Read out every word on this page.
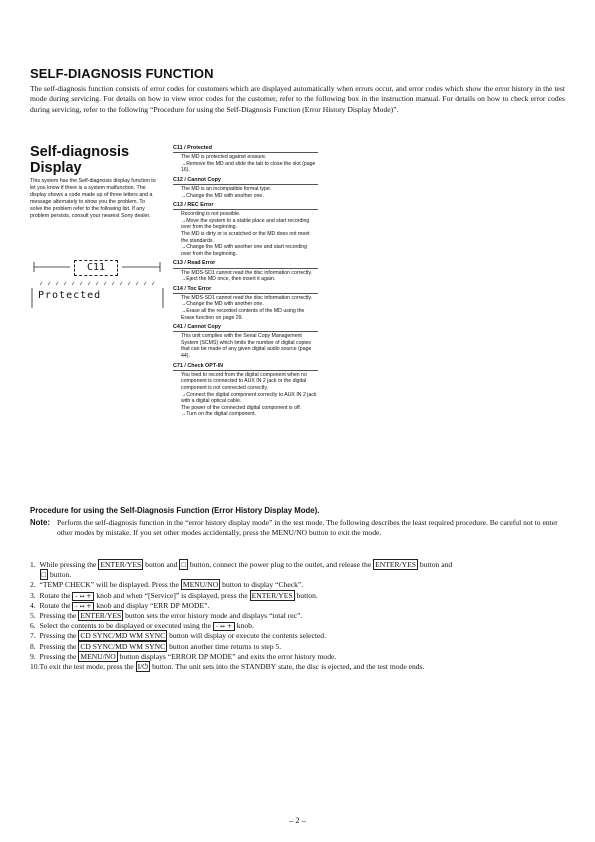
SELF-DIAGNOSIS FUNCTION
The self-diagnosis function consists of error codes for customers which are displayed automatically when errors occur, and error codes which show the error history in the test mode during servicing. For details on how to view error codes for the customer, refer to the following box in the instruction manual. For details on how to check error codes during servicing, refer to the following “Procedure for using the Self-Diagnosis Function (Error History Display Mode)”.
Self-diagnosis Display
This system has the Self-diagnosis display function to let you know if there is a system malfunction. The display shows a code made up of three letters and a message alternately to show you the problem. To solve the problem refer to the following list. If any problem persists, consult your nearest Sony dealer.
C11
Protected
C11 / Protected
The MD is protected against erasure.
→Remove the MD and slide the tab to close the slot (page 16).
C12 / Cannot Copy
The MD is an incompatible format type.
→Change the MD with another one.
C13 / REC Error
Recording is not possible.
→Move the system to a stable place and start recording over from the beginning.
The MD is dirty or is scratched or the MD does not meet the standards.
→Change the MD with another one and start recording over from the beginning.
C13 / Read Error
The MDS-SD1 cannot read the disc information correctly.
→Eject the MD once, then insert it again.
C14 / Toc Error
The MDS-SD1 cannot read the disc information correctly.
→Change the MD with another one.
→Erase all the recorded contents of the MD using the Erase function on page 29.
C41 / Cannot Copy
This unit complies with the Serial Copy Management System (SCMS) which limits the number of digital copies that can be made of any given digital audio source (page 44).
C71 / Check OPT-IN
You tried to record from the digital component when no component is connected to AUX IN 2 jack or the digital component is not connected correctly.
→Connect the digital component correctly to AUX IN 2 jack with a digital optical cable.
The power of the connected digital component is off.
→Turn on the digital component.
Procedure for using the Self-Diagnosis Function (Error History Display Mode).
Note: Perform the self-diagnosis function in the “error history display mode” in the test mode. The following describes the least required procedure. Be careful not to enter other modes by mistake. If you set other modes accidentally, press the MENU/NO button to exit the mode.
1.  While pressing the ENTER/YES button and □ button, connect the power plug to the outlet, and release the ENTER/YES button and
□ button.
2.  “TEMP CHECK” will be displayed. Press the MENU/NO button to display “Check”.
3.  Rotate the - ↔ + knob and when “[Service]” is displayed, press the ENTER/YES button.
4.  Rotate the - ↔ + knob and display “ERR DP MODE”.
5.  Pressing the ENTER/YES button sets the error history mode and displays “total rec”.
6.  Select the contents to be displayed or executed using the - ↔ + knob.
7.  Pressing the CD SYNC/MD WM SYNC button will display or execute the contents selected.
8.  Pressing the CD SYNC/MD WM SYNC button another time returns to step 5.
9.  Pressing the MENU/NO button displays “ERROR DP MODE” and exits the error history mode.
10.To exit the test mode, press the I/⏻ button. The unit sets into the STANDBY state, the disc is ejected, and the test mode ends.
– 2 –
